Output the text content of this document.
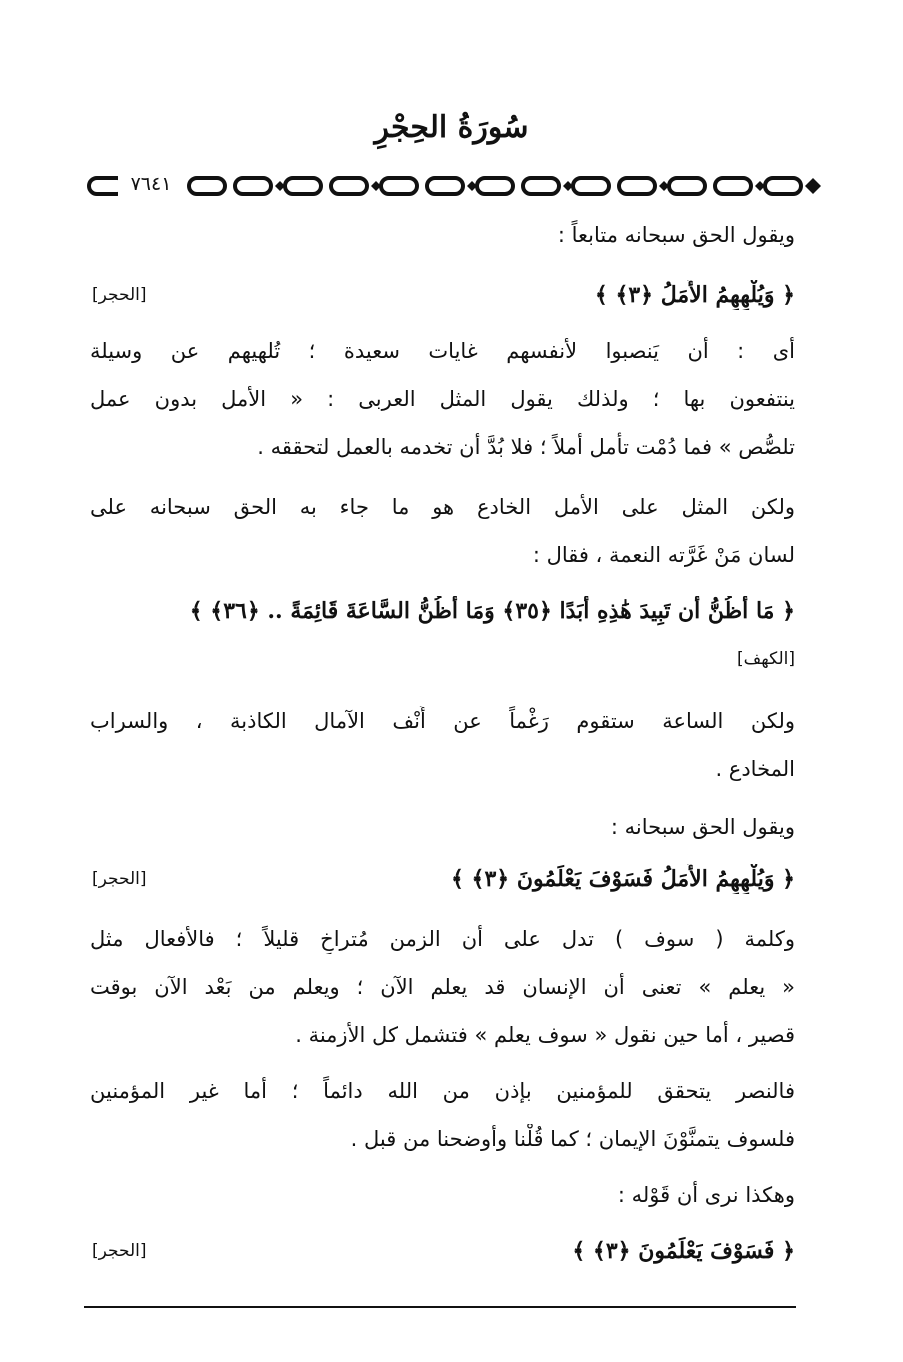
سُورَةُ الحِجْرِ
٧٦٤١
ويقول الحق سبحانه متابعاً :
﴿ وَيُلْهِهِمُ الأَمَلُ ﴿٣﴾ ﴾
[الحجر]
أى : أن يَنصبوا لأنفسهم غايات سعيدة ؛ تُلهيهم عن وسيلة
ينتفعون بها ؛ ولذلك يقول المثل العربى : « الأمل بدون عمل
تلصُّص » فما دُمْت تأمل أملاً ؛ فلا بُدَّ أن تخدمه بالعمل لتحققه .
ولكن المثل على الأمل الخادع هو ما جاء به الحق سبحانه على
لسان مَنْ غَرَّته النعمة ، فقال :
﴿ مَا أَظُنُّ أَن تَبِيدَ هَٰذِهِ أَبَدًا ﴿٣٥﴾ وَمَا أَظُنُّ السَّاعَةَ قَائِمَةً .. ﴿٣٦﴾ ﴾
[الكهف]
ولكن الساعة ستقوم رَغْماً عن أَنْف الآمال الكاذبة ، والسراب
المخادع .
ويقول الحق سبحانه :
﴿ وَيُلْهِهِمُ الأَمَلُ فَسَوْفَ يَعْلَمُونَ ﴿٣﴾ ﴾
[الحجر]
وكلمة ( سوف ) تدل على أن الزمن مُتراخٍ قليلاً ؛ فالأفعال مثل
« يعلم » تعنى أن الإنسان قد يعلم الآن ؛ ويعلم من بَعْد الآن بوقت
قصير ، أما حين نقول « سوف يعلم » فتشمل كل الأزمنة .
فالنصر يتحقق للمؤمنين بإذن من الله دائماً ؛ أما غير المؤمنين
فلسوف يتمنَّوْنَ الإيمان ؛ كما قُلْنا وأوضحنا من قبل .
وهكذا نرى أن قَوْله :
﴿ فَسَوْفَ يَعْلَمُونَ ﴿٣﴾ ﴾
[الحجر]
